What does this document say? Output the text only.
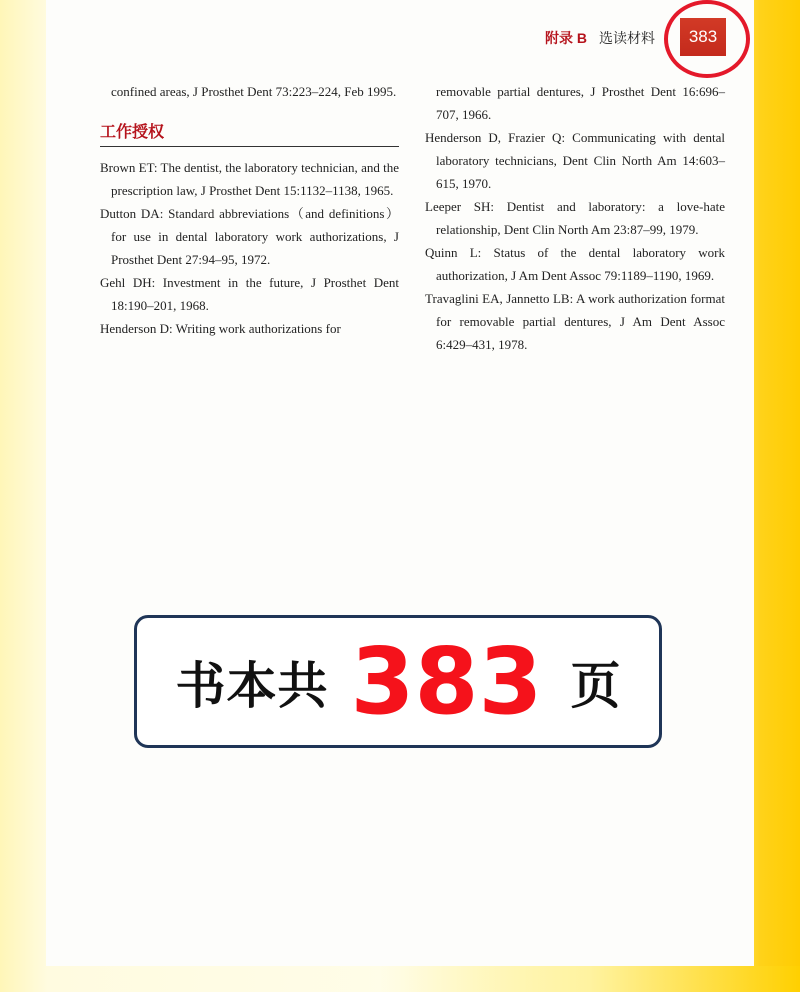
附录 B 选读材料	383

confined areas, J Prosthet Dent 73:223–224, Feb 1995.

工作授权

Brown ET: The dentist, the laboratory technician, and the prescription law, J Prosthet Dent 15:1132–1138, 1965.

Dutton DA: Standard abbreviations（and definitions）for use in dental laboratory work authorizations, J Prosthet Dent 27:94–95, 1972.

Gehl DH: Investment in the future, J Prosthet Dent 18:190–201, 1968.

Henderson D: Writing work authorizations for

removable partial dentures, J Prosthet Dent 16:696–707, 1966.

Henderson D, Frazier Q: Communicating with dental laboratory technicians, Dent Clin North Am 14:603–615, 1970.

Leeper SH: Dentist and laboratory: a love-hate relationship, Dent Clin North Am 23:87–99, 1979.

Quinn L: Status of the dental laboratory work authorization, J Am Dent Assoc 79:1189–1190, 1969.

Travaglini EA, Jannetto LB: A work authorization format for removable partial dentures, J Am Dent Assoc 6:429–431, 1978.

书本共 383 页
